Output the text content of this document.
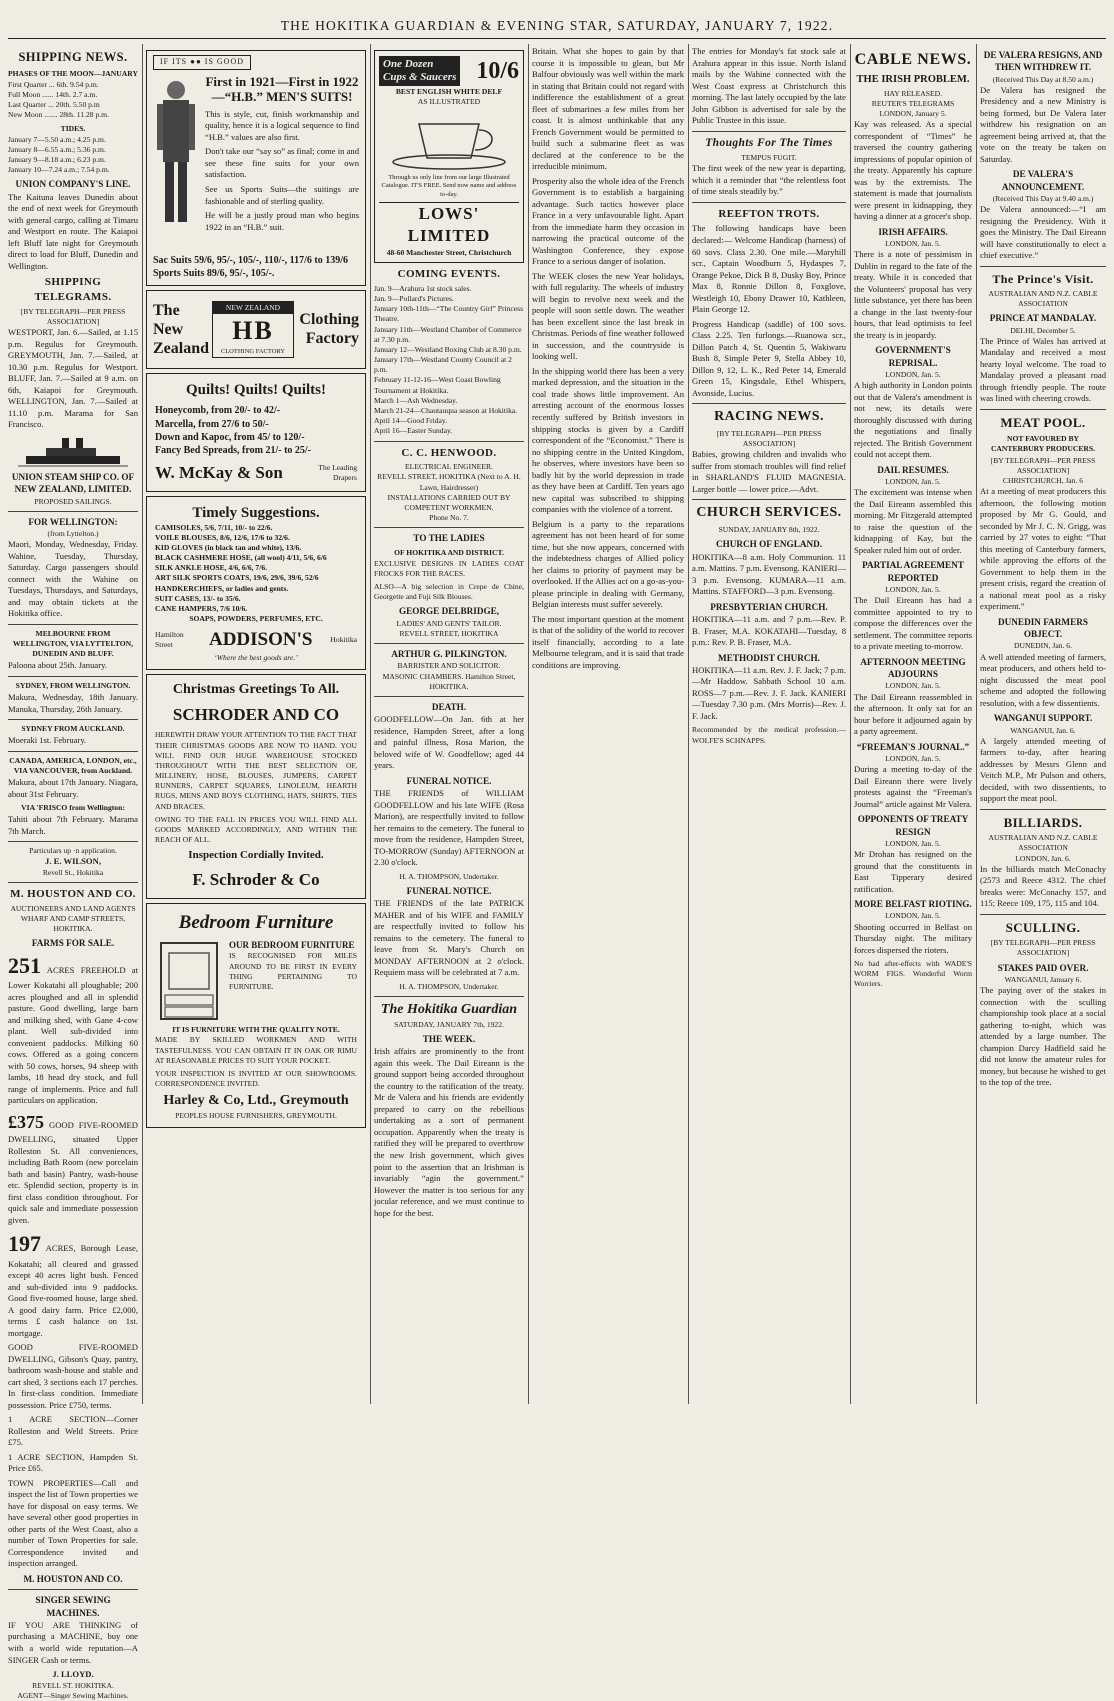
THE HOKITIKA GUARDIAN & EVENING STAR, SATURDAY, JANUARY 7, 1922.
SHIPPING NEWS.
PHASES OF THE MOON—JANUARY
First Quarter ... 6th. 9.54 p.m.
Full Moon ...... 14th. 2.7 a.m.
Last Quarter ... 20th. 5.50 p.m
New Moon ....... 28th. 11.28 p.m.
TIDES.
January 7—5.50 a.m.; 4.25 p.m.
January 8—6.55 a.m.; 5.36 p.m.
January 9—8.18 a.m.; 6.23 p.m.
January 10—7.24 a.m.; 7.54 p.m.
UNION COMPANY'S LINE.

The Kaituna leaves Dunedin about the end of next week for Greymouth with general cargo, calling at Timaru and Westport en route. The Kaiapoi left Bluff late night for Greymouth direct to load for Bluff, Dunedin and Wellington.

SHIPPING TELEGRAMS.
[BY TELEGRAPH—PER PRESS ASSOCIATION]

WESTPORT, Jan. 6.—Sailed, at 1.15 p.m. Regulus for Greymouth. GREYMOUTH, Jan. 7.—Sailed, at 10.30 p.m. Regulus for Westport. BLUFF, Jan. 7.—Sailed at 9 a.m. on 6th, Kaiapoi for Greymouth. WELLINGTON, Jan. 7.—Sailed at 11.10 p.m. Marama for San Francisco.

UNION STEAM SHIP CO. OF NEW ZEALAND, LIMITED.
PROPOSED SAILINGS.
FOR WELLINGTON:
(from Lyttelton.)

Maori, Monday, Wednesday, Friday. Wahine, Tuesday, Thursday, Saturday. Cargo passengers should connect with the Wahine on Tuesdays, Thursdays, and Saturdays, and may obtain tickets at the Hokitika office.

MELBOURNE FROM WELLINGTON, VIA LYTTELTON, DUNEDIN AND BLUFF.

Paloona about 25th. January.

SYDNEY, FROM WELLINGTON.

Makura, Wednesday, 18th January. Manuka, Thursday, 26th January.

SYDNEY FROM AUCKLAND.

Moeraki 1st. February.

CANADA, AMERICA, LONDON, etc., VIA VANCOUVER, from Auckland.

Makura, about 17th January. Niagara, about 31st February.

VIA 'FRISCO from Wellington:

Tahiti about 7th February. Marama 7th March.

Particulars up ·n application.
J. E. WILSON,
Revell St., Hokitika
M. HOUSTON AND CO.
AUCTIONEERS AND LAND AGENTS
WHARF AND CAMP STREETS, HOKITIKA.
FARMS FOR SALE.

251 ACRES FREEHOLD at Lower Kokatahi all ploughable; 200 acres ploughed and all in splendid pasture. Good dwelling, large barn and milking shed, with Gane 4-cow plant. Well sub-divided into convenient paddocks. Milking 60 cows. Offered as a going concern with 50 cows, horses, 94 sheep with lambs, 18 head dry stock, and full range of implements. Price and full particulars on application.

£375 GOOD FIVE-ROOMED DWELLING, situated Upper Rolleston St. All conveniences, including Bath Room (new porcelain bath and basin) Pantry, wash-house etc. Splendid section, property is in first class condition throughout. For quick sale and immediate possession given.

197 ACRES, Borough Lease, Kokatahi; all cleared and grassed except 40 acres light bush. Fenced and sub-divided into 9 paddocks. Good five-roomed house, large shed. A good dairy farm. Price £2,000, terms £ cash balance on 1st. mortgage.

GOOD FIVE-ROOMED DWELLING, Gibson's Quay, pantry, bathroom wash-house and stable and cart shed, 3 sections each 17 perches. In first-class condition. Immediate possession. Price £750, terms.

1 ACRE SECTION—Corner Rolleston and Weld Streets. Price £75.

1 ACRE SECTION, Hampden St. Price £65.

TOWN PROPERTIES—Call and inspect the list of Town properties we have for disposal on easy terms. We have several other good properties in other parts of the West Coast, also a number of Town Properties for sale. Correspondence invited and inspection arranged.

M. HOUSTON AND CO.
SINGER SEWING MACHINES.

IF YOU ARE THINKING of purchasing a MACHINE, buy one with a world wide reputation—A SINGER Cash or terms.

J. LLOYD.
REVELL ST. HOKITIKA.
AGENT—Singer Sewing Machines.
IF ITS ●● IS GOOD
First in 1921—First in 1922—“H.B.” MEN'S SUITS!

This is style, cut, finish workmanship and quality, hence it is a logical sequence to find “H.B.” values are also first.

Don't take our “say so” as final; come in and see these fine suits for your own satisfaction.

See us Sports Suits—the suitings are fashionable and of sterling quality.

He will be a justly proud man who begins 1922 in an “H.B.” suit.

Sac Suits 59/6, 95/-, 105/-, 110/-, 117/6 to 139/6
Sports Suits 89/6, 95/-, 105/-.
The New Zealand
NEW ZEALAND
HB
CLOTHING FACTORY
Clothing Factory
Quilts! Quilts! Quilts!
Honeycomb, from 20/- to 42/-
Marcella, from 27/6 to 50/-
Down and Kapoc, from 45/ to 120/-
Fancy Bed Spreads, from 21/- to 25/-
W. McKay & Son	The Leading Drapers
Timely Suggestions.
CAMISOLES, 5/6, 7/11, 10/- to 22/6.
VOILE BLOUSES, 8/6, 12/6, 17/6 to 32/6.
KID GLOVES (in black tan and white), 13/6.
BLACK CASHMERE HOSE, (all wool) 4/11, 5/6, 6/6
SILK ANKLE HOSE, 4/6, 6/6, 7/6.
ART SILK SPORTS COATS, 19/6, 29/6, 39/6, 52/6
HANDKERCHIEFS, or ladies and gents.
SUIT CASES, 13/- to 35/6.
CANE HAMPERS, 7/6 10/6.
SOAPS, POWDERS, PERFUMES, ETC.
Hamilton Street	ADDISON'S Hokitika
‘Where the best goods are.’
Christmas Greetings To All.
SCHRODER AND CO

HEREWITH DRAW YOUR ATTENTION TO THE FACT THAT THEIR CHRISTMAS GOODS ARE NOW TO HAND. YOU WILL FIND OUR HUGE WAREHOUSE STOCKED THROUGHOUT WITH THE BEST SELECTION OF, MILLINERY, HOSE, BLOUSES, JUMPERS, CARPET RUNNERS, CARPET SQUARES, LINOLEUM, HEARTH RUGS, MENS AND BOYS CLOTHING, HATS, SHIRTS, TIES AND BRACES.

OWING TO THE FALL IN PRICES YOU WILL FIND ALL GOODS MARKED ACCORDINGLY, AND WITHIN THE REACH OF ALL.

Inspection Cordially Invited.
F. Schroder & Co
Bedroom Furniture
OUR BEDROOM FURNITURE

IS RECOGNISED FOR MILES AROUND TO BE FIRST IN EVERY THING PERTAINING TO FURNITURE.

IT IS FURNITURE WITH THE QUALITY NOTE.

MADE BY SKILLED WORKMEN AND WITH TASTEFULNESS. YOU CAN OBTAIN IT IN OAK OR RIMU AT REASONABLE PRICES TO SUIT YOUR POCKET.

YOUR INSPECTION IS INVITED AT OUR SHOWROOMS. CORRESPONDENCE INVITED.

Harley & Co, Ltd., Greymouth
PEOPLES HOUSE FURNISHERS, GREYMOUTH.
One Dozen
Cups & Saucers 10/6
BEST ENGLISH WHITE DELF
AS ILLUSTRATED
Through us only line from our large Illustrated Catalogue. IT'S FREE. Send now name and address to-day.
LOWS' LIMITED
48-60 Manchester Street, Christchurch
COMING EVENTS.
Jan. 9—Arahura 1st stock sales.
Jan. 9—Pollard's Pictures.
January 10th-11th—“The Country Girl” Princess Theatre.
January 11th—Westland Chamber of Commerce at 7.30 p.m.
January 12—Westland Boxing Club at 8.30 p.m.
January 17th—Westland County Council at 2 p.m.
February 11-12-16—West Coast Bowling Tournament at Hokitika.
March 1—Ash Wednesday.
March 21-24—Chautauqua season at Hokitika.
April 14—Good Friday.
April 16—Easter Sunday.
C. C. HENWOOD.
ELECTRICAL ENGINEER.
REVELL STREET, HOKITIKA (Next to A. H. Lawn, Hairdresser)
INSTALLATIONS CARRIED OUT BY COMPETENT WORKMEN.
Phone No. 7.
TO THE LADIES
OF HOKITIKA AND DISTRICT.

EXCLUSIVE DESIGNS IN LADIES COAT FROCKS FOR THE RACES.

ALSO—A big selection in Crepe de Chine, Georgette and Fuji Silk Blouses.

GEORGE DELBRIDGE,
LADIES' AND GENTS' TAILOR.
REVELL STREET, HOKITIKA
ARTHUR G. PILKINGTON.
BARRISTER AND SOLICITOR.
MASONIC CHAMBERS. Hamilton Street, HOKITIKA.
DEATH.

GOODFELLOW—On Jan. 6th at her residence, Hampden Street, after a long and painful illness, Rosa Marion, the beloved wife of W. Goodfellow; aged 44 years.

FUNERAL NOTICE.

THE FRIENDS of WILLIAM GOODFELLOW and his late WIFE (Rosa Marion), are respectfully invited to follow her remains to the cemetery. The funeral to move from the residence, Hampden Street, TO-MORROW (Sunday) AFTERNOON at 2.30 o'clock.

H. A. THOMPSON, Undertaker.
FUNERAL NOTICE.

THE FRIENDS of the late PATRICK MAHER and of his WIFE and FAMILY are respectfully invited to follow his remains to the cemetery. The funeral to leave from St. Mary's Church on MONDAY AFTERNOON at 2 o'clock. Requiem mass will be celebrated at 7 a.m.

H. A. THOMPSON, Undertaker.
The Hokitika Guardian
SATURDAY, JANUARY 7th, 1922.
THE WEEK.

Irish affairs are prominently to the front again this week. The Dail Eireann is the ground support being accorded throughout the country to the ratification of the treaty. Mr de Valera and his friends are evidently prepared to carry on the rebellious undertaking as a sort of permanent occupation. Apparently when the treaty is ratified they will be prepared to overthrow the new Irish government, which gives point to the assertion that an Irishman is invariably “agin the government.” However the matter is too serious for any jocular reference, and we must continue to hope for the best.

Britain. What she hopes to gain by that course it is impossible to glean, but Mr Balfour obviously was well within the mark in stating that Britain could not regard with indifference the establishment of a great fleet of submarines a few miles from her coast. It is almost unthinkable that any French Government would be permitted to build such a submarine fleet as was declared at the conference to be the irreducible minimum.

Prosperity also the whole idea of the French Government is to establish a bargaining advantage. Such tactics however place France in a very unfavourable light. Apart from the immediate harm they occasion in narrowing the practical outcome of the Washington Conference, they expose France to a serious danger of isolation.

The WEEK closes the new Year holidays, with full regularity. The wheels of industry will begin to revolve next week and the people will soon settle down. The weather has been excellent since the last break in Christmas. Periods of fine weather followed in succession, and the countryside is looking well.

In the shipping world there has been a very marked depression, and the situation in the coal trade shows little improvement. An arresting account of the enormous losses recently suffered by British investors in shipping stocks is given by a Cardiff correspondent of the “Economist.” There is no shipping centre in the United Kingdom, he observes, where investors have been so badly hit by the world depression in trade as they have been at Cardiff. Ten years ago new capital was subscribed to shipping companies with the violence of a torrent.

Belgium is a party to the reparations agreement has not been heard of for some time, but she now appears, concerned with the indebtedness charges of Allied policy her claims to priority of payment may be overlooked. If the Allies act on a go-as-you-please principle in dealing with Germany, Belgian interests must suffer severely.

The most important question at the moment is that of the solidity of the world to recover itself financially, according to a late Melbourne telegram, and it is said that trade conditions are improving.

The entries for Monday's fat stock sale at Arahura appear in this issue. North Island mails by the Wahine connected with the West Coast express at Christchurch this morning. The last lately occupied by the late John Gibbon is advertised for sale by the Public Trustee in this issue.

Thoughts For The Times
TEMPUS FUGIT.

The first week of the new year is departing, which it a reminder that “the relentless foot of time steals steadily by.”

REEFTON TROTS.

The following handicaps have been declared:— Welcome Handicap (harness) of 60 sovs. Class 2.30. One mile.—Maryhill scr., Captain Woodburn 5, Hydaspes 7, Orange Pekoe, Dick B 8, Dusky Boy, Prince Max 8, Ronnie Dillon 8, Foxglove, Westleigh 10, Ebony Drawer 10, Kathleen, Plain George 12.

Progress Handicap (saddle) of 100 sovs. Class 2.25. Ten furlongs.—Ruanowa scr., Dillon Patch 4, St. Quentin 5, Wakiwaru Bush 8, Simple Peter 9, Stella Abbey 10, Dillon 9, 12, L. K., Red Peter 14, Emerald Green 15, Kingsdale, Ethel Whispers, Avonside, Lucius.

RACING NEWS.
[BY TELEGRAPH—PER PRESS ASSOCIATION]

Babies, growing children and invalids who suffer from stomach troubles will find relief in SHARLAND'S FLUID MAGNESIA. Larger bottle — lower price.—Advt.

CHURCH SERVICES.
SUNDAY, JANUARY 8th, 1922.
CHURCH OF ENGLAND.

HOKITIKA—8 a.m. Holy Communion. 11 a.m. Mattins. 7 p.m. Evensong. KANIERI—3 p.m. Evensong. KUMARA—11 a.m. Mattins. STAFFORD—3 p.m. Evensong.

PRESBYTERIAN CHURCH.

HOKITIKA—11 a.m. and 7 p.m.—Rev. P. B. Fraser, M.A. KOKATAHI—Tuesday, 8 p.m.: Rev. P. B. Fraser, M.A.

METHODIST CHURCH.

HOKITIKA—11 a.m. Rev. J. F. Jack; 7 p.m.—Mr Haddow. Sabbath School 10 a.m. ROSS—7 p.m.—Rev. J. F. Jack. KANIERI—Tuesday 7.30 p.m. (Mrs Morris)—Rev. J. F. Jack.

Recommended by the medical profession.—WOLFE'S SCHNAPPS.

CABLE NEWS.
THE IRISH PROBLEM.
HAY RELEASED.
REUTER'S TELEGRAMS
LONDON, January 5.

Kay was released. As a special correspondent of “Times” he traversed the country gathering impressions of popular opinion of the treaty. Apparently his capture was by the extremists. The statement is made that journalists were present in kidnapping, they having a dinner at a grocer's shop.

IRISH AFFAIRS.
LONDON, Jan. 5.

There is a note of pessimism in Dublin in regard to the fate of the treaty. While it is conceded that the Volunteers' proposal has very little substance, yet there has been a change in the last twenty-four hours, that lead optimists to feel the treaty is in jeopardy.

GOVERNMENT'S REPRISAL.
LONDON, Jan. 5.

A high authority in London points out that de Valera's amendment is not new, its details were thoroughly discussed with during the negotiations and finally rejected. The British Government could not accept them.

DAIL RESUMES.
LONDON, Jan. 5.

The excitement was intense when the Dail Eireann assembled this morning. Mr Fitzgerald attempted to raise the question of the kidnapping of Kay, but the Speaker ruled him out of order.

PARTIAL AGREEMENT REPORTED
LONDON, Jan. 5.

The Dail Eireann has had a committee appointed to try to compose the differences over the settlement. The committee reports to a private meeting to-morrow.

AFTERNOON MEETING ADJOURNS
LONDON, Jan. 5.

The Dail Eireann reassembled in the afternoon. It only sat for an hour before it adjourned again by a party agreement.

“FREEMAN'S JOURNAL.”
LONDON, Jan. 5.

During a meeting to-day of the Dail Eireann there were lively protests against the “Freeman's Journal” article against Mr Valera.

OPPONENTS OF TREATY RESIGN
LONDON, Jan. 5.

Mr Drohan has resigned on the ground that the constituents in East Tipperary desired ratification.

MORE BELFAST RIOTING.
LONDON, Jan. 5.

Shooting occurred in Belfast on Thursday night. The military forces dispersed the rioters.

No bad after-effects with WADE'S WORM FIGS. Wonderful Worm Worriers.

DE VALERA RESIGNS, AND THEN WITHDREW IT.
(Received This Day at 8.50 a.m.)

De Valera has resigned the Presidency and a new Ministry is being formed, but De Valera later withdrew his resignation on an agreement being arrived at, that the vote on the treaty be taken on Saturday.

DE VALERA'S ANNOUNCEMENT.
(Received This Day at 9.40 a.m.)

De Valera announced:—“I am resigning the Presidency. With it goes the Ministry. The Dail Eireann will have constitutionally to elect a chief executive.”

The Prince's Visit.
AUSTRALIAN AND N.Z. CABLE ASSOCIATION
PRINCE AT MANDALAY.
DELHI, December 5.

The Prince of Wales has arrived at Mandalay and received a most hearty loyal welcome. The road to Mandalay proved a pleasant road through friendly people. The route was lined with cheering crowds.

MEAT POOL.
NOT FAVOURED BY CANTERBURY PRODUCERS.
[BY TELEGRAPH—PER PRESS ASSOCIATION]
CHRISTCHURCH, Jan. 6

At a meeting of meat producers this afternoon, the following motion proposed by Mr G. Gould, and seconded by Mr J. C. N. Grigg, was carried by 27 votes to eight: “That this meeting of Canterbury farmers, while approving the efforts of the Government to help them in the present crisis, regard the creation of a national meat pool as a risky experiment.”

DUNEDIN FARMERS OBJECT.
DUNEDIN, Jan. 6.

A well attended meeting of farmers, meat producers, and others held to-night discussed the meat pool scheme and adopted the following resolution, with a few dissentients.

WANGANUI SUPPORT.
WANGANUI, Jan. 6.

A largely attended meeting of farmers to-day, after hearing addresses by Messrs Glenn and Veitch M.P., Mr Pulson and others, decided, with two dissentients, to support the meat pool.

BILLIARDS.
AUSTRALIAN AND N.Z. CABLE ASSOCIATION
LONDON, Jan. 6.

In the billiards match McConachy (2573 and Reece 4312. The chief breaks were: McConachy 157, and 115; Reece 109, 175, 115 and 104.

SCULLING.
[BY TELEGRAPH—PER PRESS ASSOCIATION]
STAKES PAID OVER.
WANGANUI, January 6.

The paying over of the stakes in connection with the sculling championship took place at a social gathering to-night, which was attended by a large number. The champion Darcy Hadfield said he did not know the amateur rules for money, but because he wished to get to the top of the tree.
